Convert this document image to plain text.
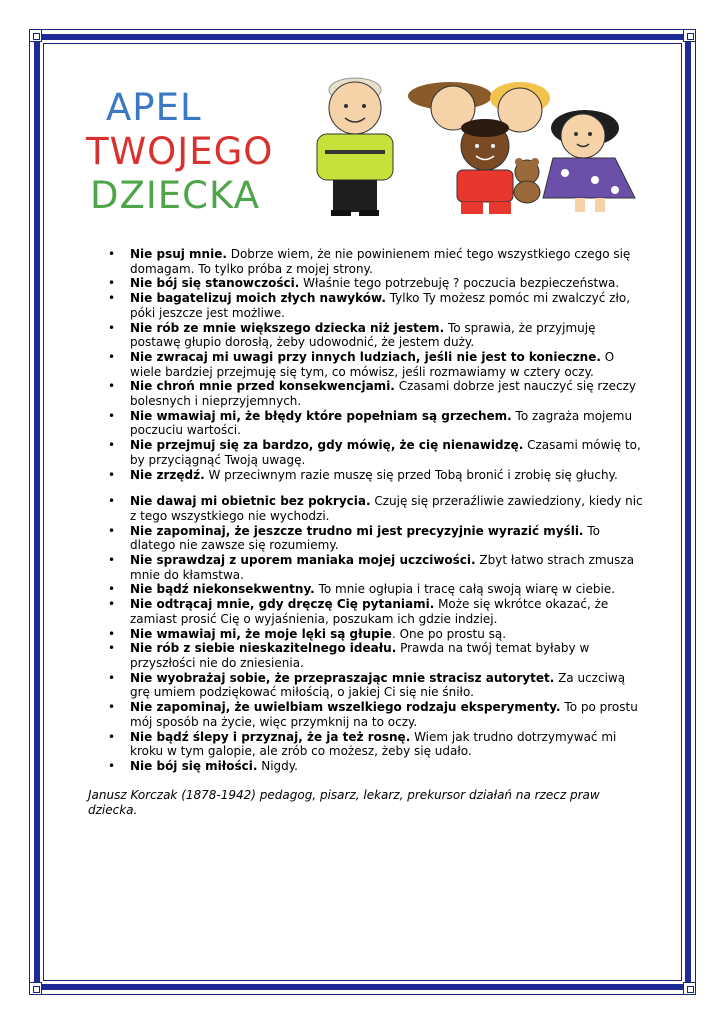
APEL
TWOJEGO
DZIECKA
• Nie psuj mnie. Dobrze wiem, że nie powinienem mieć tego wszystkiego czego się domagam. To tylko próba z mojej strony.
• Nie bój się stanowczości. Właśnie tego potrzebuję ? poczucia bezpieczeństwa.
• Nie bagatelizuj moich złych nawyków. Tylko Ty możesz pomóc mi zwalczyć zło, póki jeszcze jest możliwe.
• Nie rób ze mnie większego dziecka niż jestem. To sprawia, że przyjmuję postawę głupio dorosłą, żeby udowodnić, że jestem duży.
• Nie zwracaj mi uwagi przy innych ludziach, jeśli nie jest to konieczne. O wiele bardziej przejmuję się tym, co mówisz, jeśli rozmawiamy w cztery oczy.
• Nie chroń mnie przed konsekwencjami. Czasami dobrze jest nauczyć się rzeczy bolesnych i nieprzyjemnych.
• Nie wmawiaj mi, że błędy które popełniam są grzechem. To zagraża mojemu poczuciu wartości.
• Nie przejmuj się za bardzo, gdy mówię, że cię nienawidzę. Czasami mówię to, by przyciągnąć Twoją uwagę.
• Nie zrzędź. W przeciwnym razie muszę się przed Tobą bronić i zrobię się głuchy.
• Nie dawaj mi obietnic bez pokrycia. Czuję się przeraźliwie zawiedziony, kiedy nic z tego wszystkiego nie wychodzi.
• Nie zapominaj, że jeszcze trudno mi jest precyzyjnie wyrazić myśli. To dlatego nie zawsze się rozumiemy.
• Nie sprawdzaj z uporem maniaka mojej uczciwości. Zbyt łatwo strach zmusza mnie do kłamstwa.
• Nie bądź niekonsekwentny. To mnie ogłupia i tracę całą swoją wiarę w ciebie.
• Nie odtrącaj mnie, gdy dręczę Cię pytaniami. Może się wkrótce okazać, że zamiast prosić Cię o wyjaśnienia, poszukam ich gdzie indziej.
• Nie wmawiaj mi, że moje lęki są głupie. One po prostu są.
• Nie rób z siebie nieskazitelnego ideału. Prawda na twój temat byłaby w przyszłości nie do zniesienia.
• Nie wyobrażaj sobie, że przepraszając mnie stracisz autorytet. Za uczciwą grę umiem podziękować miłością, o jakiej Ci się nie śniło.
• Nie zapominaj, że uwielbiam wszelkiego rodzaju eksperymenty. To po prostu mój sposób na życie, więc przymknij na to oczy.
• Nie bądź ślepy i przyznaj, że ja też rosnę. Wiem jak trudno dotrzymywać mi kroku w tym galopie, ale zrób co możesz, żeby się udało.
• Nie bój się miłości. Nigdy.

Janusz Korczak (1878-1942) pedagog, pisarz, lekarz, prekursor działań na rzecz praw dziecka.
